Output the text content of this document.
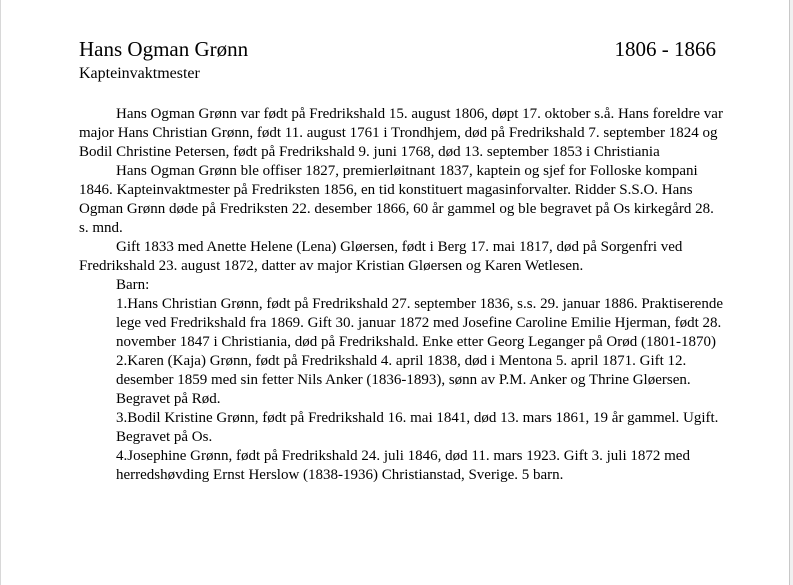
Hans Ogman Grønn	1806 - 1866
Kapteinvaktmester

Hans Ogman Grønn var født på Fredrikshald 15. august 1806, døpt 17. oktober s.å. Hans foreldre var major Hans Christian Grønn, født 11. august 1761 i Trondhjem, død på Fredrikshald 7. september 1824 og Bodil Christine Petersen, født på Fredrikshald 9. juni 1768, død 13. september 1853 i Christiania

Hans Ogman Grønn ble offiser 1827, premierløitnant 1837, kaptein og sjef for Folloske kompani 1846. Kapteinvaktmester på Fredriksten 1856, en tid konstituert magasinforvalter. Ridder S.S.O. Hans Ogman Grønn døde på Fredriksten 22. desember 1866, 60 år gammel og ble begravet på Os kirkegård 28. s. mnd.

Gift 1833 med Anette Helene (Lena) Gløersen, født i Berg 17. mai 1817, død på Sorgenfri ved Fredrikshald 23. august 1872, datter av major Kristian Gløersen og Karen Wetlesen.

Barn:

1.Hans Christian Grønn, født på Fredrikshald 27. september 1836, s.s. 29. januar 1886. Praktiserende lege ved Fredrikshald fra 1869. Gift 30. januar 1872 med Josefine Caroline Emilie Hjerman, født 28. november 1847 i Christiania, død på Fredrikshald. Enke etter Georg Leganger på Orød (1801-1870)

2.Karen (Kaja) Grønn, født på Fredrikshald 4. april 1838, død i Mentona 5. april 1871. Gift 12. desember 1859 med sin fetter Nils Anker (1836-1893), sønn av P.M. Anker og Thrine Gløersen. Begravet på Rød.

3.Bodil Kristine Grønn, født på Fredrikshald 16. mai 1841, død 13. mars 1861, 19 år gammel. Ugift. Begravet på Os.

4.Josephine Grønn, født på Fredrikshald 24. juli 1846, død 11. mars 1923. Gift 3. juli 1872 med herredshøvding Ernst Herslow (1838-1936) Christianstad, Sverige. 5 barn.
